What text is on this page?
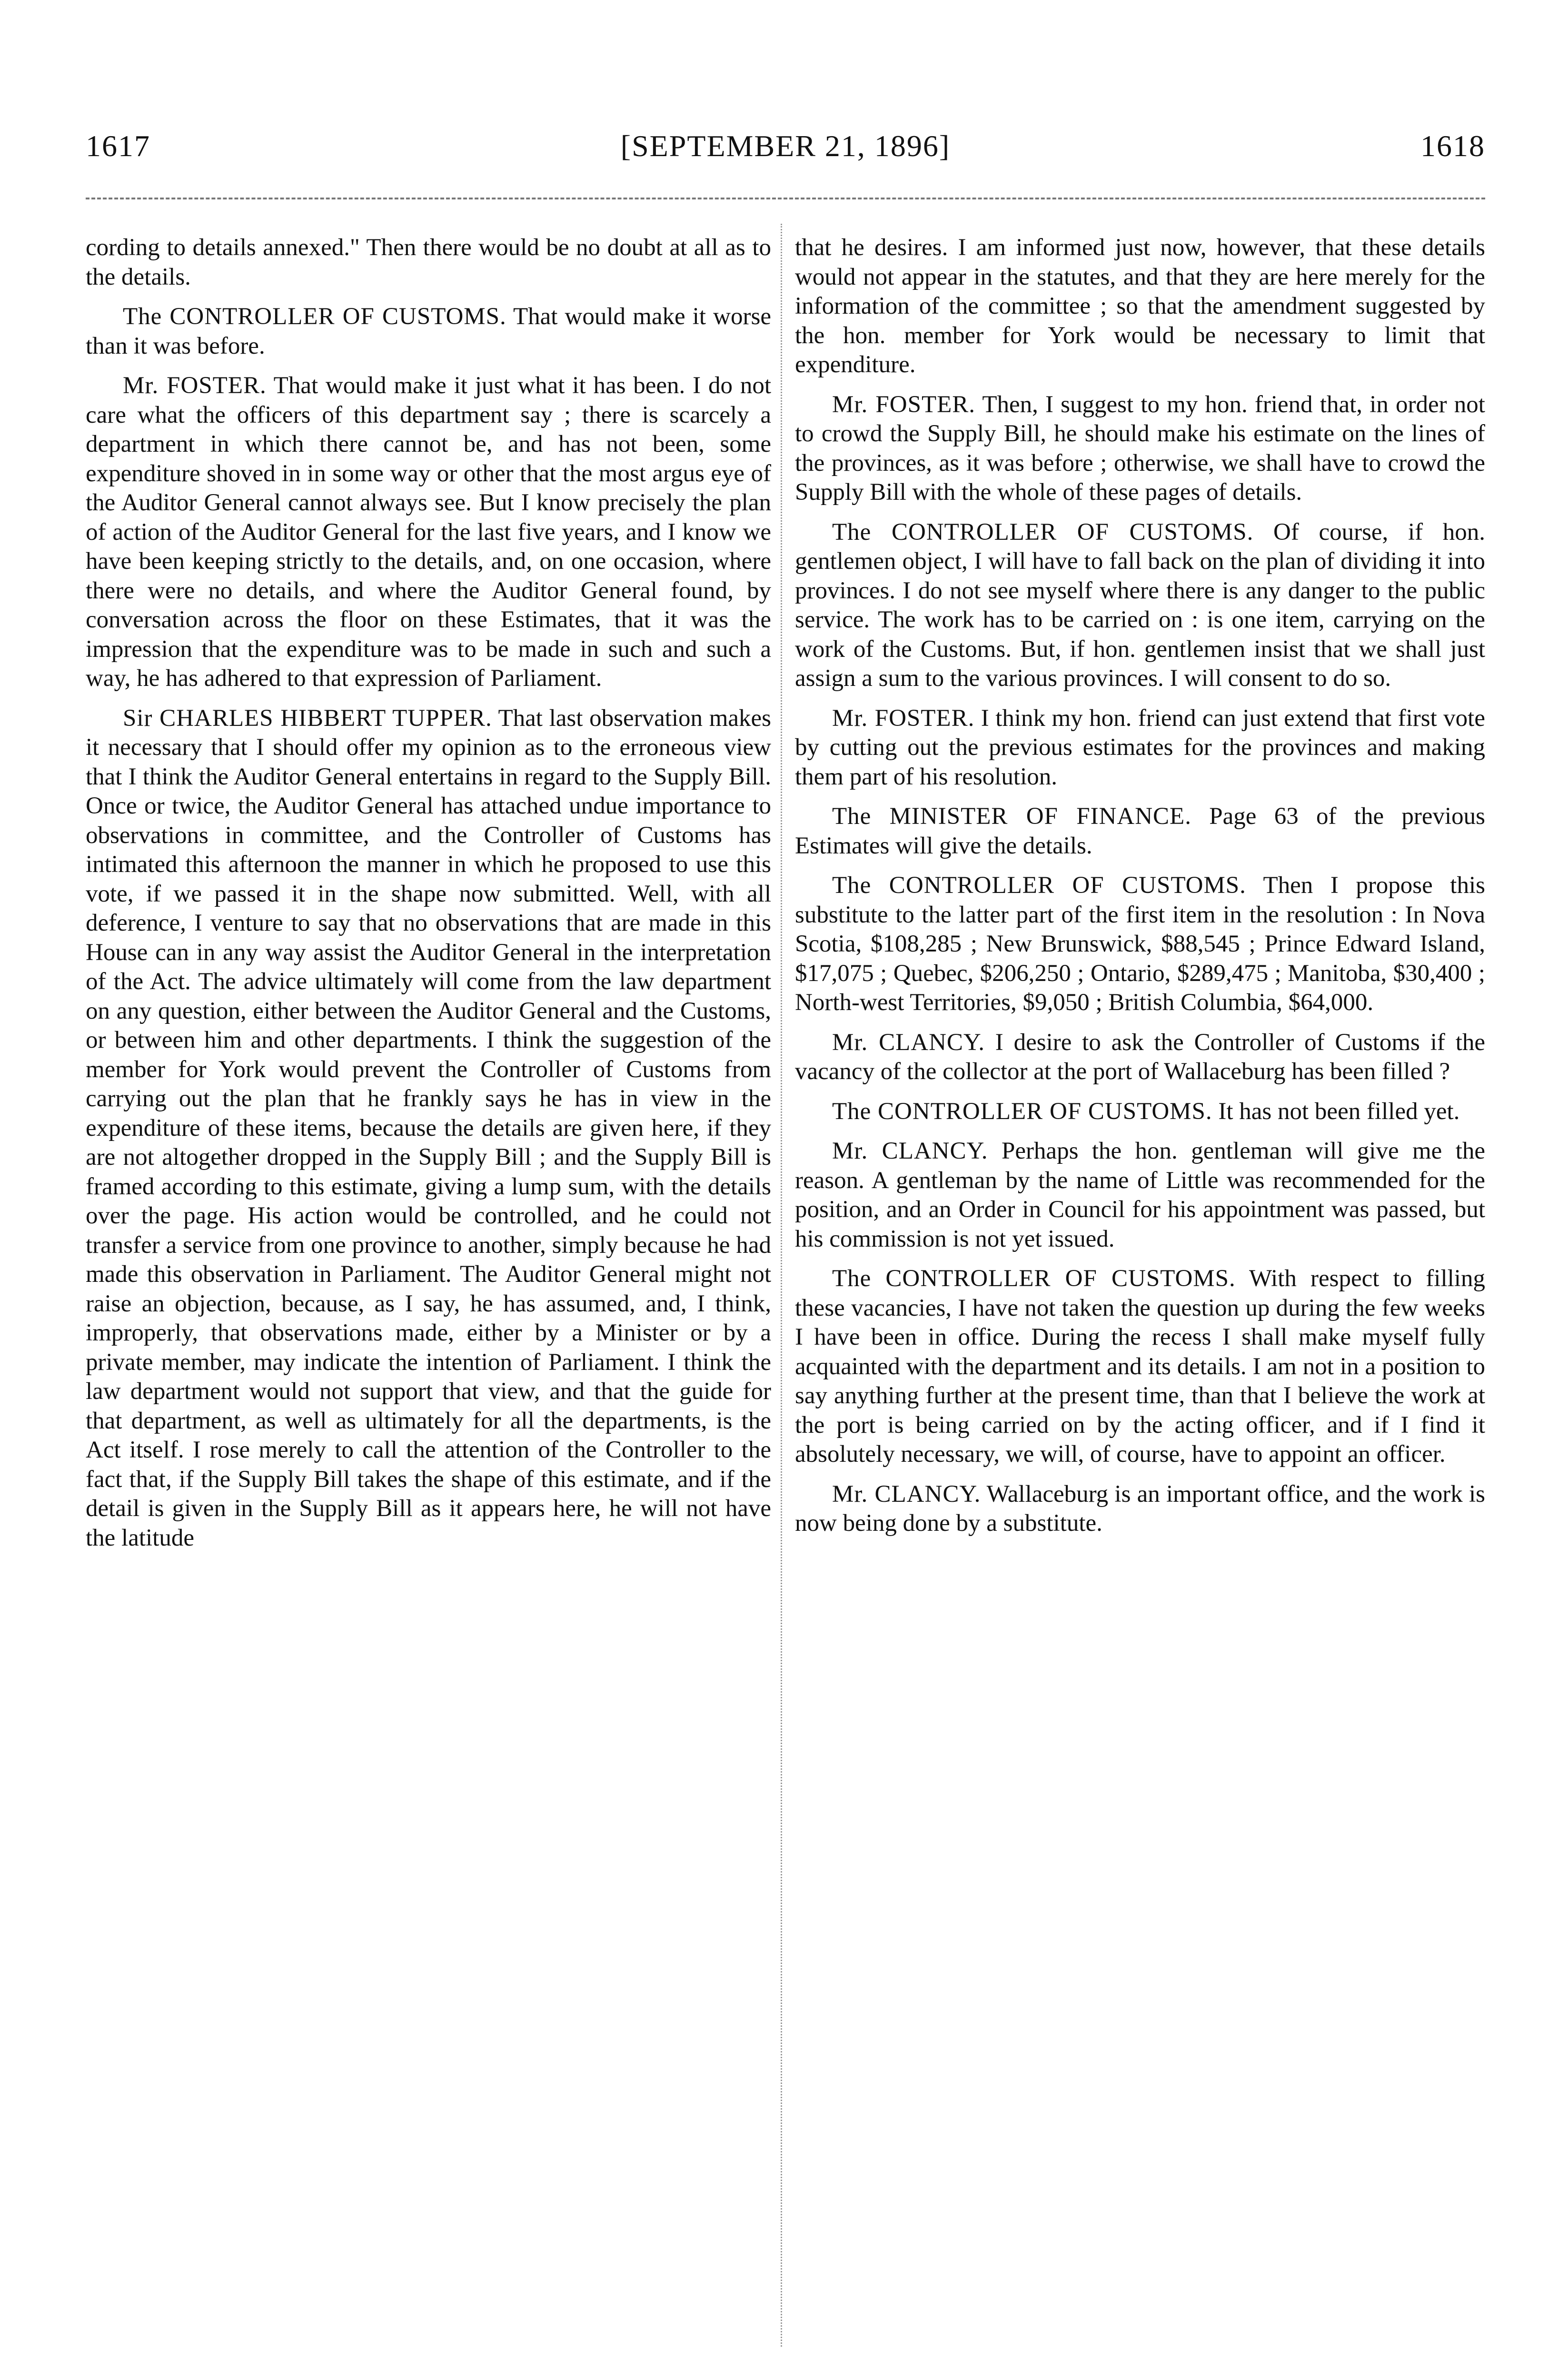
1617	[SEPTEMBER 21, 1896]	1618

cording to details annexed." Then there would be no doubt at all as to the details.

The CONTROLLER OF CUSTOMS. That would make it worse than it was before.

Mr. FOSTER. That would make it just what it has been. I do not care what the officers of this department say ; there is scarcely a department in which there cannot be, and has not been, some expenditure shoved in in some way or other that the most argus eye of the Auditor General cannot always see. But I know precisely the plan of action of the Auditor General for the last five years, and I know we have been keeping strictly to the details, and, on one occasion, where there were no details, and where the Auditor General found, by conversation across the floor on these Estimates, that it was the impression that the expenditure was to be made in such and such a way, he has adhered to that expression of Parliament.

Sir CHARLES HIBBERT TUPPER. That last observation makes it necessary that I should offer my opinion as to the erroneous view that I think the Auditor General entertains in regard to the Supply Bill. Once or twice, the Auditor General has attached undue importance to observations in committee, and the Controller of Customs has intimated this afternoon the manner in which he proposed to use this vote, if we passed it in the shape now submitted. Well, with all deference, I venture to say that no observations that are made in this House can in any way assist the Auditor General in the interpretation of the Act. The advice ultimately will come from the law department on any question, either between the Auditor General and the Customs, or between him and other departments. I think the suggestion of the member for York would prevent the Controller of Customs from carrying out the plan that he frankly says he has in view in the expenditure of these items, because the details are given here, if they are not altogether dropped in the Supply Bill ; and the Supply Bill is framed according to this estimate, giving a lump sum, with the details over the page. His action would be controlled, and he could not transfer a service from one province to another, simply because he had made this observation in Parliament. The Auditor General might not raise an objection, because, as I say, he has assumed, and, I think, improperly, that observations made, either by a Minister or by a private member, may indicate the intention of Parliament. I think the law department would not support that view, and that the guide for that department, as well as ultimately for all the departments, is the Act itself. I rose merely to call the attention of the Controller to the fact that, if the Supply Bill takes the shape of this estimate, and if the detail is given in the Supply Bill as it appears here, he will not have the latitude

that he desires. I am informed just now, however, that these details would not appear in the statutes, and that they are here merely for the information of the committee ; so that the amendment suggested by the hon. member for York would be necessary to limit that expenditure.

Mr. FOSTER. Then, I suggest to my hon. friend that, in order not to crowd the Supply Bill, he should make his estimate on the lines of the provinces, as it was before ; otherwise, we shall have to crowd the Supply Bill with the whole of these pages of details.

The CONTROLLER OF CUSTOMS. Of course, if hon. gentlemen object, I will have to fall back on the plan of dividing it into provinces. I do not see myself where there is any danger to the public service. The work has to be carried on : is one item, carrying on the work of the Customs. But, if hon. gentlemen insist that we shall just assign a sum to the various provinces. I will consent to do so.

Mr. FOSTER. I think my hon. friend can just extend that first vote by cutting out the previous estimates for the provinces and making them part of his resolution.

The MINISTER OF FINANCE. Page 63 of the previous Estimates will give the details.

The CONTROLLER OF CUSTOMS. Then I propose this substitute to the latter part of the first item in the resolution : In Nova Scotia, $108,285 ; New Brunswick, $88,545 ; Prince Edward Island, $17,075 ; Quebec, $206,250 ; Ontario, $289,475 ; Manitoba, $30,400 ; North-west Territories, $9,050 ; British Columbia, $64,000.

Mr. CLANCY. I desire to ask the Controller of Customs if the vacancy of the collector at the port of Wallaceburg has been filled ?

The CONTROLLER OF CUSTOMS. It has not been filled yet.

Mr. CLANCY. Perhaps the hon. gentleman will give me the reason. A gentleman by the name of Little was recommended for the position, and an Order in Council for his appointment was passed, but his commission is not yet issued.

The CONTROLLER OF CUSTOMS. With respect to filling these vacancies, I have not taken the question up during the few weeks I have been in office. During the recess I shall make myself fully acquainted with the department and its details. I am not in a position to say anything further at the present time, than that I believe the work at the port is being carried on by the acting officer, and if I find it absolutely necessary, we will, of course, have to appoint an officer.

Mr. CLANCY. Wallaceburg is an important office, and the work is now being done by a substitute.
